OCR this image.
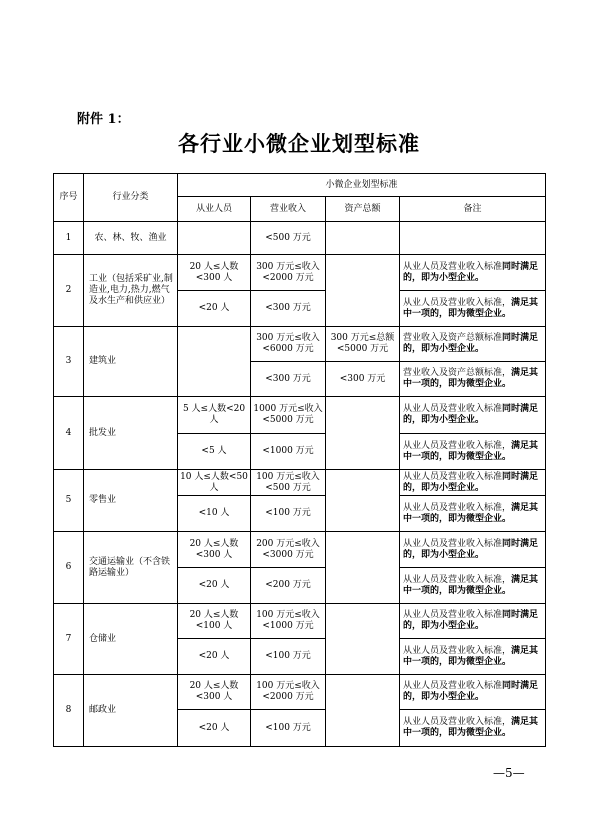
附件 1：
各行业小微企业划型标准
序号	行业分类	小微企业划型标准			
		从业人员	营业收入	资产总额	备注
1	农、林、牧、渔业		<500 万元		
2	工业（包括采矿业,制造业,电力,热力,燃气及水生产和供应业）	20 人≤人数<300 人	300 万元≤收入<2000 万元		从业人员及营业收入标准同时满足的，即为小型企业。
		<20 人	<300 万元		从业人员及营业收入标准，满足其中一项的，即为微型企业。
3	建筑业		300 万元≤收入<6000 万元	300 万元≤总额<5000 万元	营业收入及资产总额标准同时满足的，即为小型企业。
			<300 万元	<300 万元	营业收入及资产总额标准，满足其中一项的，即为微型企业。
4	批发业	5 人≤人数<20 人	1000 万元≤收入<5000 万元		从业人员及营业收入标准同时满足的，即为小型企业。
		<5 人	<1000 万元		从业人员及营业收入标准，满足其中一项的，即为微型企业。
5	零售业	10 人≤人数<50 人	100 万元≤收入<500 万元		从业人员及营业收入标准同时满足的，即为小型企业。
		<10 人	<100 万元		从业人员及营业收入标准，满足其中一项的，即为微型企业。
6	交通运输业（不含铁路运输业）	20 人≤人数<300 人	200 万元≤收入<3000 万元		从业人员及营业收入标准同时满足的，即为小型企业。
		<20 人	<200 万元		从业人员及营业收入标准，满足其中一项的，即为微型企业。
7	仓储业	20 人≤人数<100 人	100 万元≤收入<1000 万元		从业人员及营业收入标准同时满足的，即为小型企业。
		<20 人	<100 万元		从业人员及营业收入标准，满足其中一项的，即为微型企业。
8	邮政业	20 人≤人数<300 人	100 万元≤收入<2000 万元		从业人员及营业收入标准同时满足的，即为小型企业。
		<20 人	<100 万元		从业人员及营业收入标准，满足其中一项的，即为微型企业。
—5—
